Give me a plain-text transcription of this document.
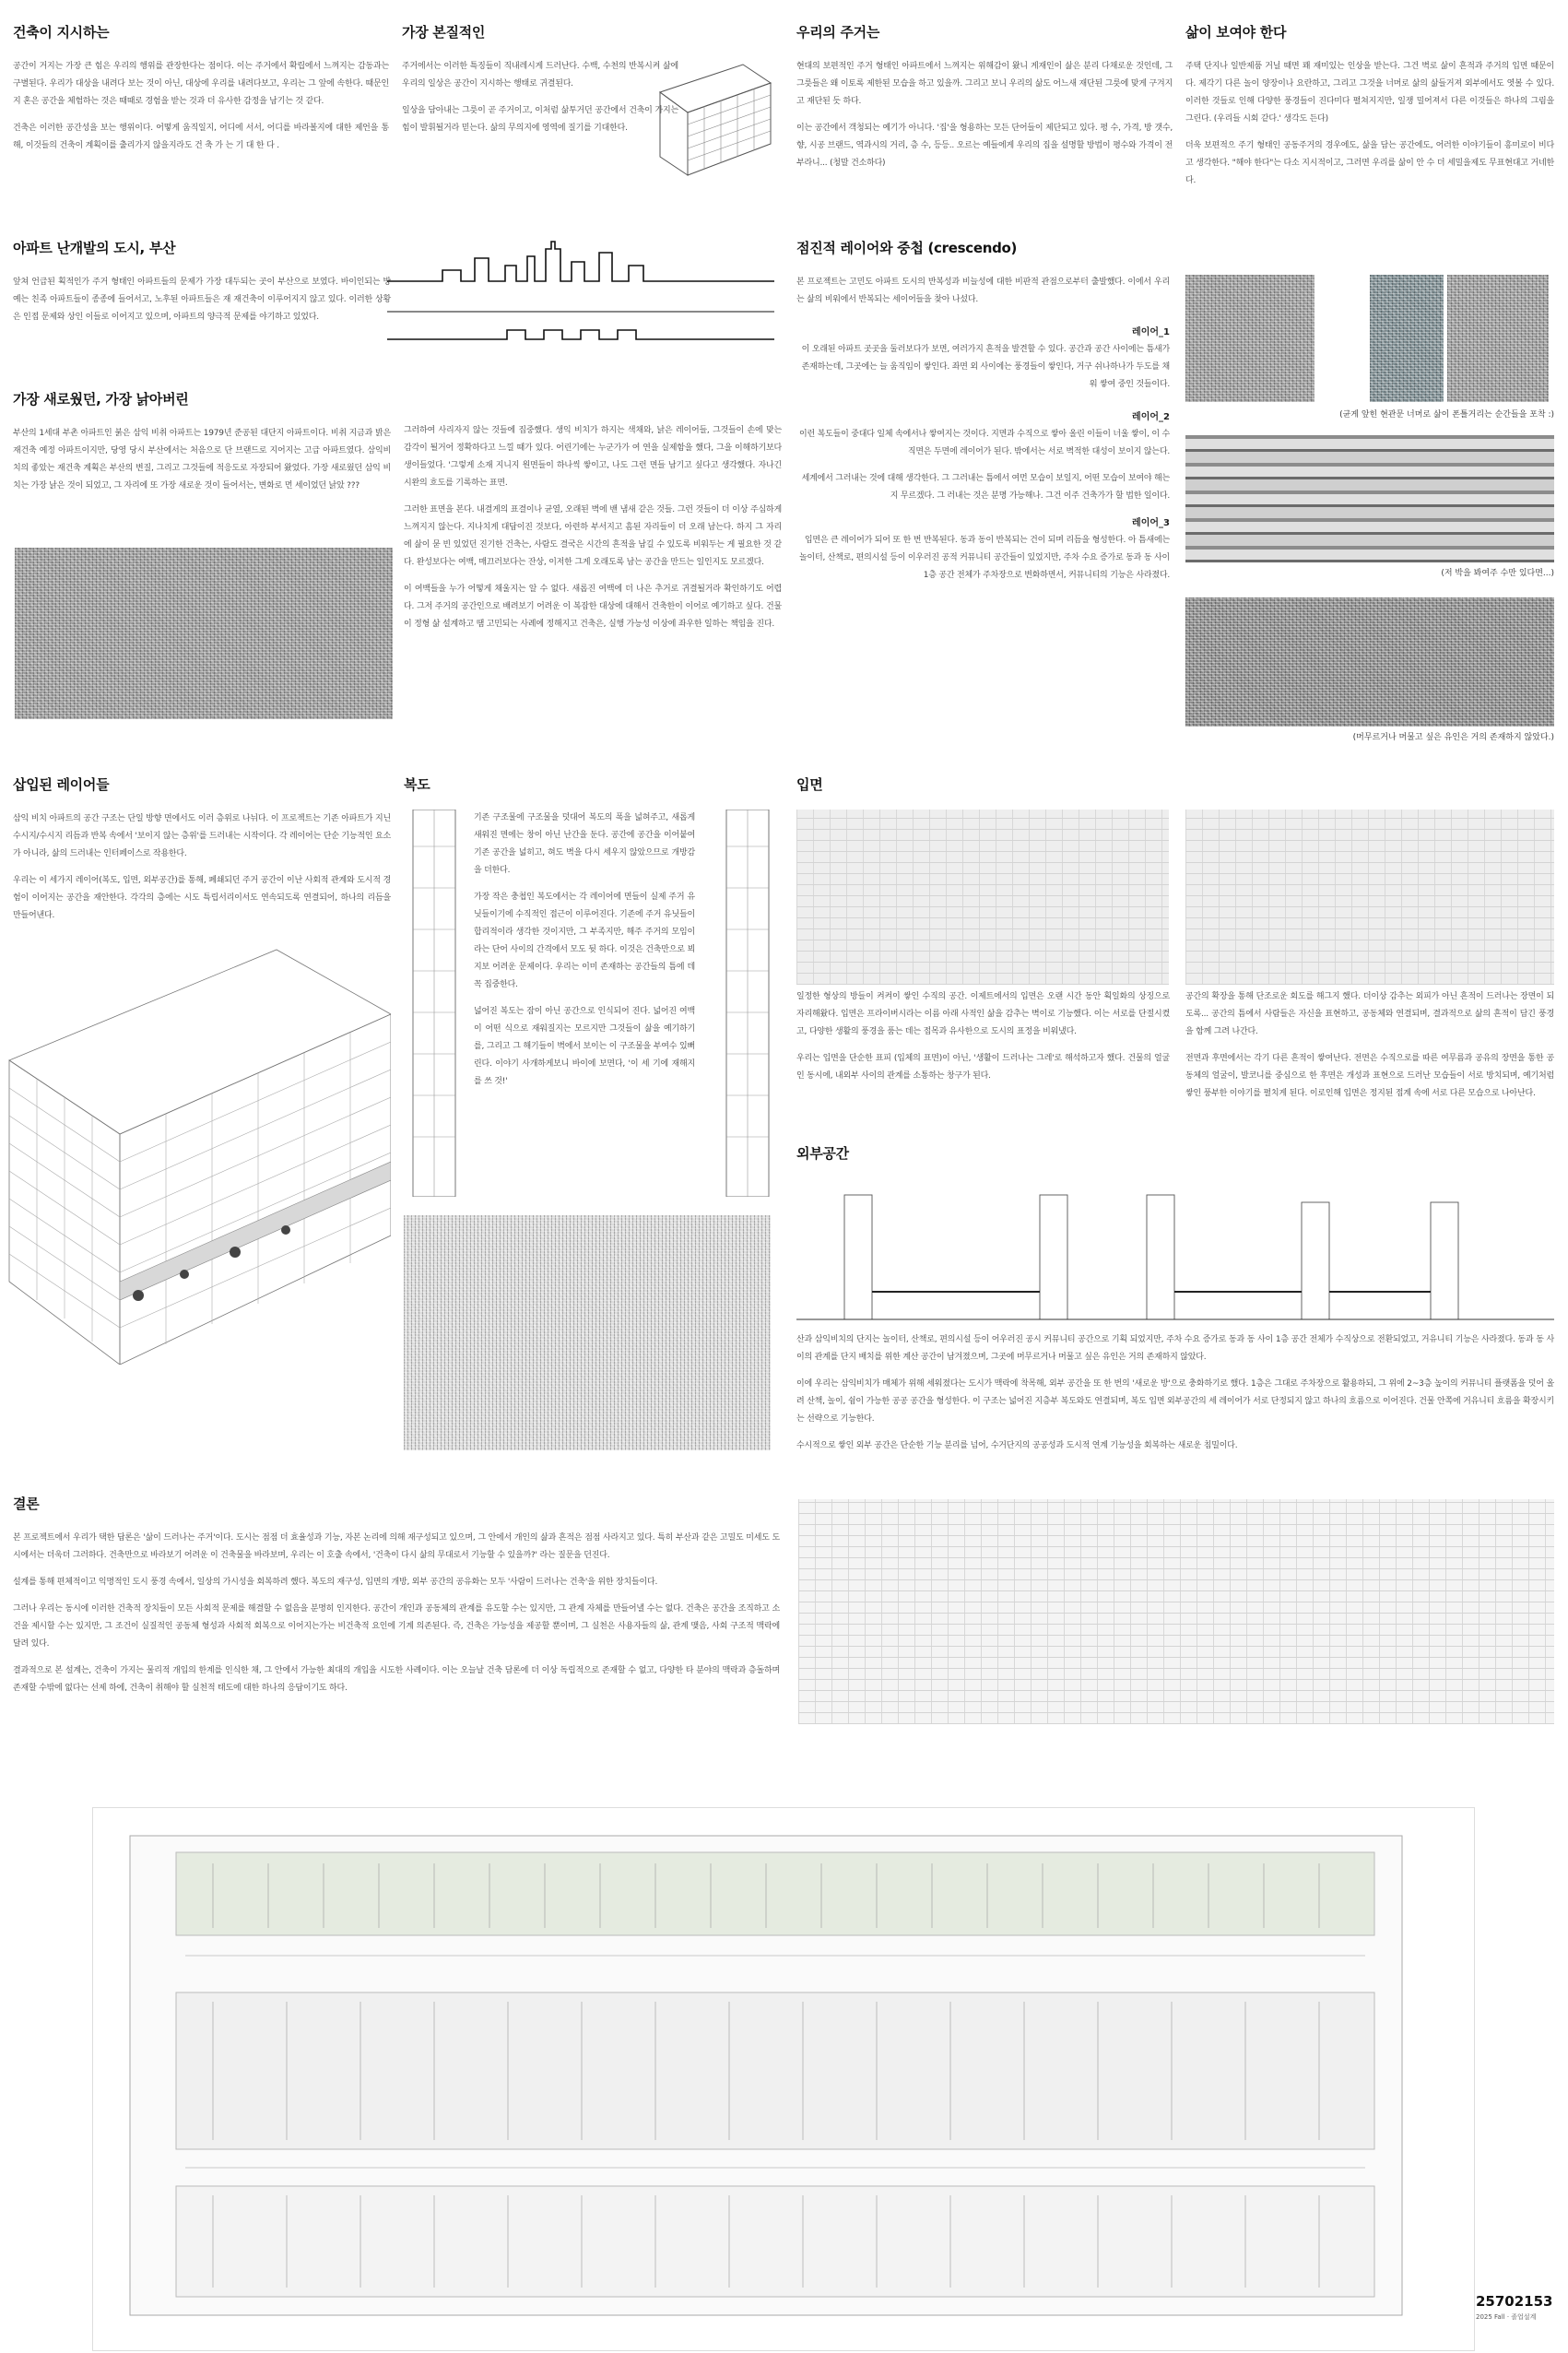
건축이 지시하는

공간이 거지는 가장 큰 힘은 우리의 행위를 관장한다는 점이다. 이는 주거에서 확립에서 느껴지는 감동과는 구별된다. 우리가 대상을 내려다 보는 것이 아닌, 대상에 우리를 내려다보고, 우리는 그 앞에 속한다. 때문인지 혼은 공간을 체험하는 것은 때때로 경험을 받는 것과 더 유사한 감정을 남기는 것 같다.

건축은 이러한 공간성을 보는 행위이다. 어떻게 움직일지, 어디에 서서, 어디를 바라볼지에 대한 제언을 통해, 이것들의 건축이 계획이를 출리가지 않을지라도 건 축 가 는 기 대 한 다 .

가장 본질적인

주거에서는 이러한 특징들이 직내레시게 드러난다. 수백, 수천의 반복시켜 삶에 우리의 일상은 공간이 지시하는 행태로 귀결된다.

일상을 담아내는 그릇이 곧 주거이고, 이처럼 삶투거던 공간에서 건축이 가지는 힘이 발휘될거라 믿는다. 삶의 무의지에 영역에 질기를 기대한다.

우리의 주거는

현대의 보편적인 주거 형태인 아파트에서 느껴지는 위해감이 왔니 게재인이 삶은 분리 다채로운 것인데, 그 그릇들은 왜 이토록 제한된 모습을 하고 있을까. 그리고 보니 우리의 삶도 어느새 재단된 그릇에 맞게 구겨지고 재단된 듯 하다.

이는 공간에서 객청되는 예기가 아니다. '집'을 형용하는 모든 단어들이 제단되고 있다. 평 수, 가격, 방 갯수, 향, 시공 브랜드, 역과시의 거리, 층 수, 등등.. 오르는 예들에게 우리의 집을 설명할 방법이 평수와 가격이 전부라니... (청말 건소하다)

삶이 보여야 한다

주택 단지나 일반제품 거닐 때면 꽤 재미있는 인상을 받는다. 그건 벽로 삶이 흔적과 주거의 입면 때문이다. 제각기 다른 놀이 양장이나 요란하고, 그리고 그것을 너머로 삶의 삶들거져 외부에서도 엿볼 수 있다. 이러한 것들로 인해 다양한 풍경들이 진다미다 펼쳐지지만, 일쟁 밀어져서 다른 이것들은 하나의 그림을 그린다. (우리들 시회 같다.' 생각도 든다)

더욱 보편적으 주기 형태인 공동주거의 경우에도, 삶을 담는 공간에도, 어러한 이야기들이 흥미로이 비다고 생각한다. "해야 한다"는 다소 지시적이고, 그러면 우리를 삶이 안 수 더 세밀을제도 무표현대고 거네한다.

아파트 난개발의 도시, 부산

앞쳐 언급된 획적인가 주거 형태인 아파트들의 문제가 가장 대두되는 곳이 부산으로 보였다. 바이인되는 방예는 친족 아파트들이 종종에 들어서고, 노후된 아파트들은 재 재건축이 이루어지지 않고 있다. 이러한 상황은 인접 문제와 상인 이들로 이어지고 있으며, 아파트의 양극적 문제를 야기하고 있었다.

가장 새로웠던, 가장 낡아버린

부산의 1세대 부촌 아파트인 붉은 삼익 비취 아파트는 1979년 준공된 대단지 아파트이다. 비취 지금과 밝은 재건축 예정 아파트이지만, 당영 당시 부산에서는 처음으로 단 브랜드로 지어지는 고급 아파트였다. 삼익비치의 좋았는 재건축 계획은 부산의 변질, 그리고 그것들에 적응도로 자장되어 왔었다. 가장 새로웠던 삼익 비치는 가장 낡은 것이 되었고, 그 자리에 또 가장 새로운 것이 들어서는, 변화로 먼 세이었던 낡았 ???

그러하여 사리자지 않는 것들에 집중했다. 생익 비치가 하지는 색채와, 낡은 레이어들, 그것들이 손에 맞는 감각이 될거어 정확하다고 느낄 때가 있다. 어린기에는 누군가가 여 연을 실제함을 했다, 그을 이해하기보다 생이들었다. '그렇게 소재 지니지 원면들이 하나씩 쌓이고, 나도 그런 면들 남기고 싶다고 생각했다. 자나긴 시완의 흐도를 기록하는 표면.

그러한 표면을 본다. 내결게의 표결이나 균열, 오래된 벽에 밴 냄새 같은 것들. 그런 것들이 더 이상 주심하게 느껴지지 않는다. 지나치게 대답이진 것보다, 아련하 부서지고 흠된 자리들이 더 오래 남는다. 하지 그 자리에 삶이 묻 빈 있었던 진기한 건축는, 사람도 결국은 시간의 흔적을 남길 수 있도록 비워두는 게 필요한 것 같다. 완성보다는 여백, 매끄러보다는 잔상, 이저한 그게 오래도록 남는 공간을 만드는 일인지도 모르겠다.

이 여백들을 누가 어떻게 채울지는 알 수 없다. 새롭진 여백에 더 나은 추거로 귀결될거라 확인하기도 어렵다. 그저 주거의 공간인으로 배려보기 어려운 이 복잡한 대상에 대해서 건축한이 이어로 예기하고 싶다. 건물이 정형 삶 설계하고 땜 고민되는 사례에 정해지고 건축은, 실행 가능성 이상에 좌우한 일하는 책임을 진다.

점진적 레이어와 중첩 (crescendo)

본 프로젝트는 고민도 아파트 도시의 반복성과 비늘성에 대한 비판적 관점으로부터 출발했다. 이에서 우리는 삶의 비워에서 반복되는 세이어들을 찾아 나섰다.

레이어_1

이 오래된 아파트 곳곳을 둘러보다가 보면, 여러가지 흔적을 발견할 수 있다. 공간과 공간 사이에는 틈새가 존재하는데, 그곳에는 늘 움직임이 쌓인다. 좌면 외 사이에는 풍경들이 쌓인다, 거구 쉬나하나가 두도를 채워 쌓여 중인 것들이다.

레이어_2

이런 복도들이 중대다 일체 속에서나 쌓여지는 것이다. 지면과 수직으로 쌓아 올린 이들이 너울 쌓이, 이 수직면은 두면에 레이어가 된다. 밖에서는 서로 벽적한 대성이 보이지 않는다.

세계에서 그러내는 것에 대해 생각한다. 그 그러내는 틈에서 여먼 모습이 보일지, 어떤 모습이 보여야 해는지 무르겠다. 그 러내는 것은 분명 가능해나. 그건 이주 건축가가 할 법한 일이다.

레이어_3

입면은 큰 레이어가 되어 또 한 번 반복된다. 동과 동이 반복되는 건이 되며 리듬을 형성한다. 아 틈새에는 놀이터, 산책로, 편의시설 등이 이우러진 공적 커뮤니티 공간들이 있었지만, 주차 수요 증가로 동과 동 사이 1층 공간 전체가 주차장으로 변화하면서, 커뮤니티의 기능은 사라졌다.

(균게 앞힌 현관문 너머로 삶이 폰틀거리는 순간들을 포착 :)
(저 박을 봐여주 수만 있다면...)
(머무르거나 머물고 싶은 유인은 거의 존재하지 않았다.)
삽입된 레이어들

삼익 비치 아파트의 공간 구조는 단일 방향 면에서도 이러 층위로 나뉘다. 이 프로젝트는 기존 아파트가 지닌 수시지/수시지 리듬과 반복 속에서 '보이지 않는 층위'를 드러내는 시작이다. 각 레이어는 단순 기능적인 요소가 아니라, 삶의 드러내는 인터페이스로 작용한다.

우리는 이 세가지 레이어(복도, 입면, 외부공간)를 통해, 폐쇄되던 주거 공간이 이난 사회적 관계와 도시적 경험이 이어지는 공간을 재안한다. 각각의 층에는 시도 특립서리이서도 연속되도록 연결되어, 하나의 리듬을 만들어낸다.

복도

기존 구조물에 구조물을 덧대어 복도의 폭을 넓혀주고, 새롭게 새워진 면에는 창이 아닌 난간을 둔다. 공간에 공간을 이어붙여 기존 공간을 넓히고, 혀도 벽을 다시 세우지 않았으므로 개방감을 더한다.

가장 작은 충첩인 복도에서는 각 레이어에 면들이 실제 주거 유닛들이기에 수직적인 접근이 이루어진다. 기존에 주거 유닛들이 합리적이라 생각한 것이지만, 그 부족지만, 해주 주거의 모임이라는 단어 사이의 간격에서 모도 뒷 하다. 이것은 건축만으로 뵈지보 어려운 문제이다. 우리는 이미 존재하는 공간들의 틈에 데꼭 집중한다.

넓어진 복도는 잠이 아닌 공간으로 인식되어 진다. 넓어진 여백이 어떤 식으로 재워질지는 모르지만 그것들이 삶을 예기하기를, 그리고 그 해기들이 벽에서 보이는 이 구조물을 부여수 있뻐린다. 이야기 사개하게보니 바이에 보면다, '이 세 기에 재해지를 쓰 것!'

입면

일정한 형상의 방들이 켜켜이 쌓인 수직의 공간. 이제트에서의 입면은 오랜 시간 동안 획일화의 상징으로 자리해왔다. 입면은 프라이버시라는 이름 아래 사적인 삶을 감추는 벽이로 기능했다. 이는 서로를 단절시켰고, 다양한 생활의 풍경을 품는 데는 접목과 유사한으로 도시의 표정을 비워냈다.

우리는 입면을 단순한 표피 (입체의 표면)이 아닌, '생활이 드러나는 그레'로 해석하고자 했다. 건물의 얼굴인 동시에, 내외부 사이의 관계를 소통하는 창구가 된다.

공간의 확장을 통해 단조로운 회도를 해그지 했다. 더이상 감추는 외피가 아닌 흔적이 드러나는 장면이 되도록... 공간의 틈에서 사람들은 자신을 표현하고, 공동체와 연결되며, 결과적으로 삶의 흔적이 담긴 풍경을 함께 그려 나간다.

전면과 후면에서는 각기 다른 흔적이 쌓여난다. 전면은 수직으로를 따른 여무름과 공유의 장면을 통한 공동체의 얼굴이, 발코니를 중심으로 한 후면은 개성과 표현으로 드러난 모습들이 서로 방치되며, 예기처럼 쌓인 풍부한 이야기를 펼치게 된다. 이로인해 입면은 정지된 접계 속에 서로 다른 모습으로 나아난다.

외부공간

산과 삼익비치의 단지는 놀이터, 산책로, 편의시설 등이 어우러진 공시 커뮤니티 공간으로 기획 되었지만, 주차 수요 증가로 동과 동 사이 1층 공간 전체가 수직상으로 전환되었고, 거유니티 기능은 사라졌다. 동과 동 사이의 관계를 단지 배치를 위한 계산 공간이 남겨졌으며, 그곳에 머무르거나 머물고 싶은 유인은 거의 존재하지 않았다.

이에 우리는 삼익비치가 매체가 위해 세워졌다는 도시가 맥락에 착목해, 외부 공간을 또 한 번의 '새로운 방'으로 충화하기로 했다. 1층은 그대로 주차장으로 활용하되, 그 위에 2~3층 높이의 커뮤니티 플랫폼을 덧어 올려 산책, 놀이, 쉼이 가능한 공공 공간을 형성한다. 이 구조는 넓어진 지층부 복도와도 연결되며, 복도 입면 외부공간의 세 레이어가 서로 단정되지 않고 하나의 흐름으로 이어진다. 건물 안쪽에 거유니티 흐름을 확장시키는 선략으로 기능한다.

수시적으로 쌓인 외부 공간은 단순한 기능 분리를 넘어, 수거단지의 공공성과 도시적 연계 기능성을 회복하는 새로운 침밀이다.

결론

본 프로젝트에서 우리가 택한 답론은 '삶이 드러나는 주거'이다. 도시는 점점 더 효율성과 기능, 자본 논리에 의해 재구성되고 있으며, 그 안에서 개인의 삶과 흔적은 점점 사라지고 있다. 특히 부산과 같은 고밀도 미세도 도시에서는 더욱더 그러하다. 건축만으로 바라보기 어려운 이 건축물을 바라보며, 우리는 이 호출 속에서, '건축이 다시 삶의 무대로서 기능할 수 있을까?' 라는 질문을 던진다.

설계를 통해 편체적이고 익명적인 도시 풍경 속에서, 일상의 가시성을 회복하려 했다. 복도의 재구성, 입면의 개방, 외부 공간의 공유화는 모두 '사람이 드러나는 건축'을 위한 장치들이다.

그러나 우리는 동시에 이러한 건축적 장치들이 모든 사회적 문제를 해결할 수 없음을 분명히 인지한다. 공간이 개인과 공동체의 관계를 유도할 수는 있지만, 그 관계 자체를 만들어낼 수는 없다. 건축은 공간을 조직하고 소건을 제시할 수는 있지만, 그 조건이 실질적인 공동체 형성과 사회적 회복으로 이어지는가는 비건축적 요인에 기계 의존된다. 즉, 건축은 가능성을 제공할 뿐이며, 그 실천은 사용자들의 삶, 관계 맺음, 사회 구조적 맥락에 달려 있다.

결과적으로 본 설계는, 건축이 가지는 물리적 개입의 한계를 인식한 채, 그 안에서 가능한 최대의 개입을 시도한 사례이다. 이는 오늘날 건축 담론에 더 이상 독립적으로 존재할 수 없고, 다양한 타 분야의 맥락과 층돌하며 존재할 수밖에 없다는 선제 하에, 건축이 취해야 할 실천적 태도에 대한 하나의 응답이기도 하다.

25702153
2025 Fall · 졸업설계
